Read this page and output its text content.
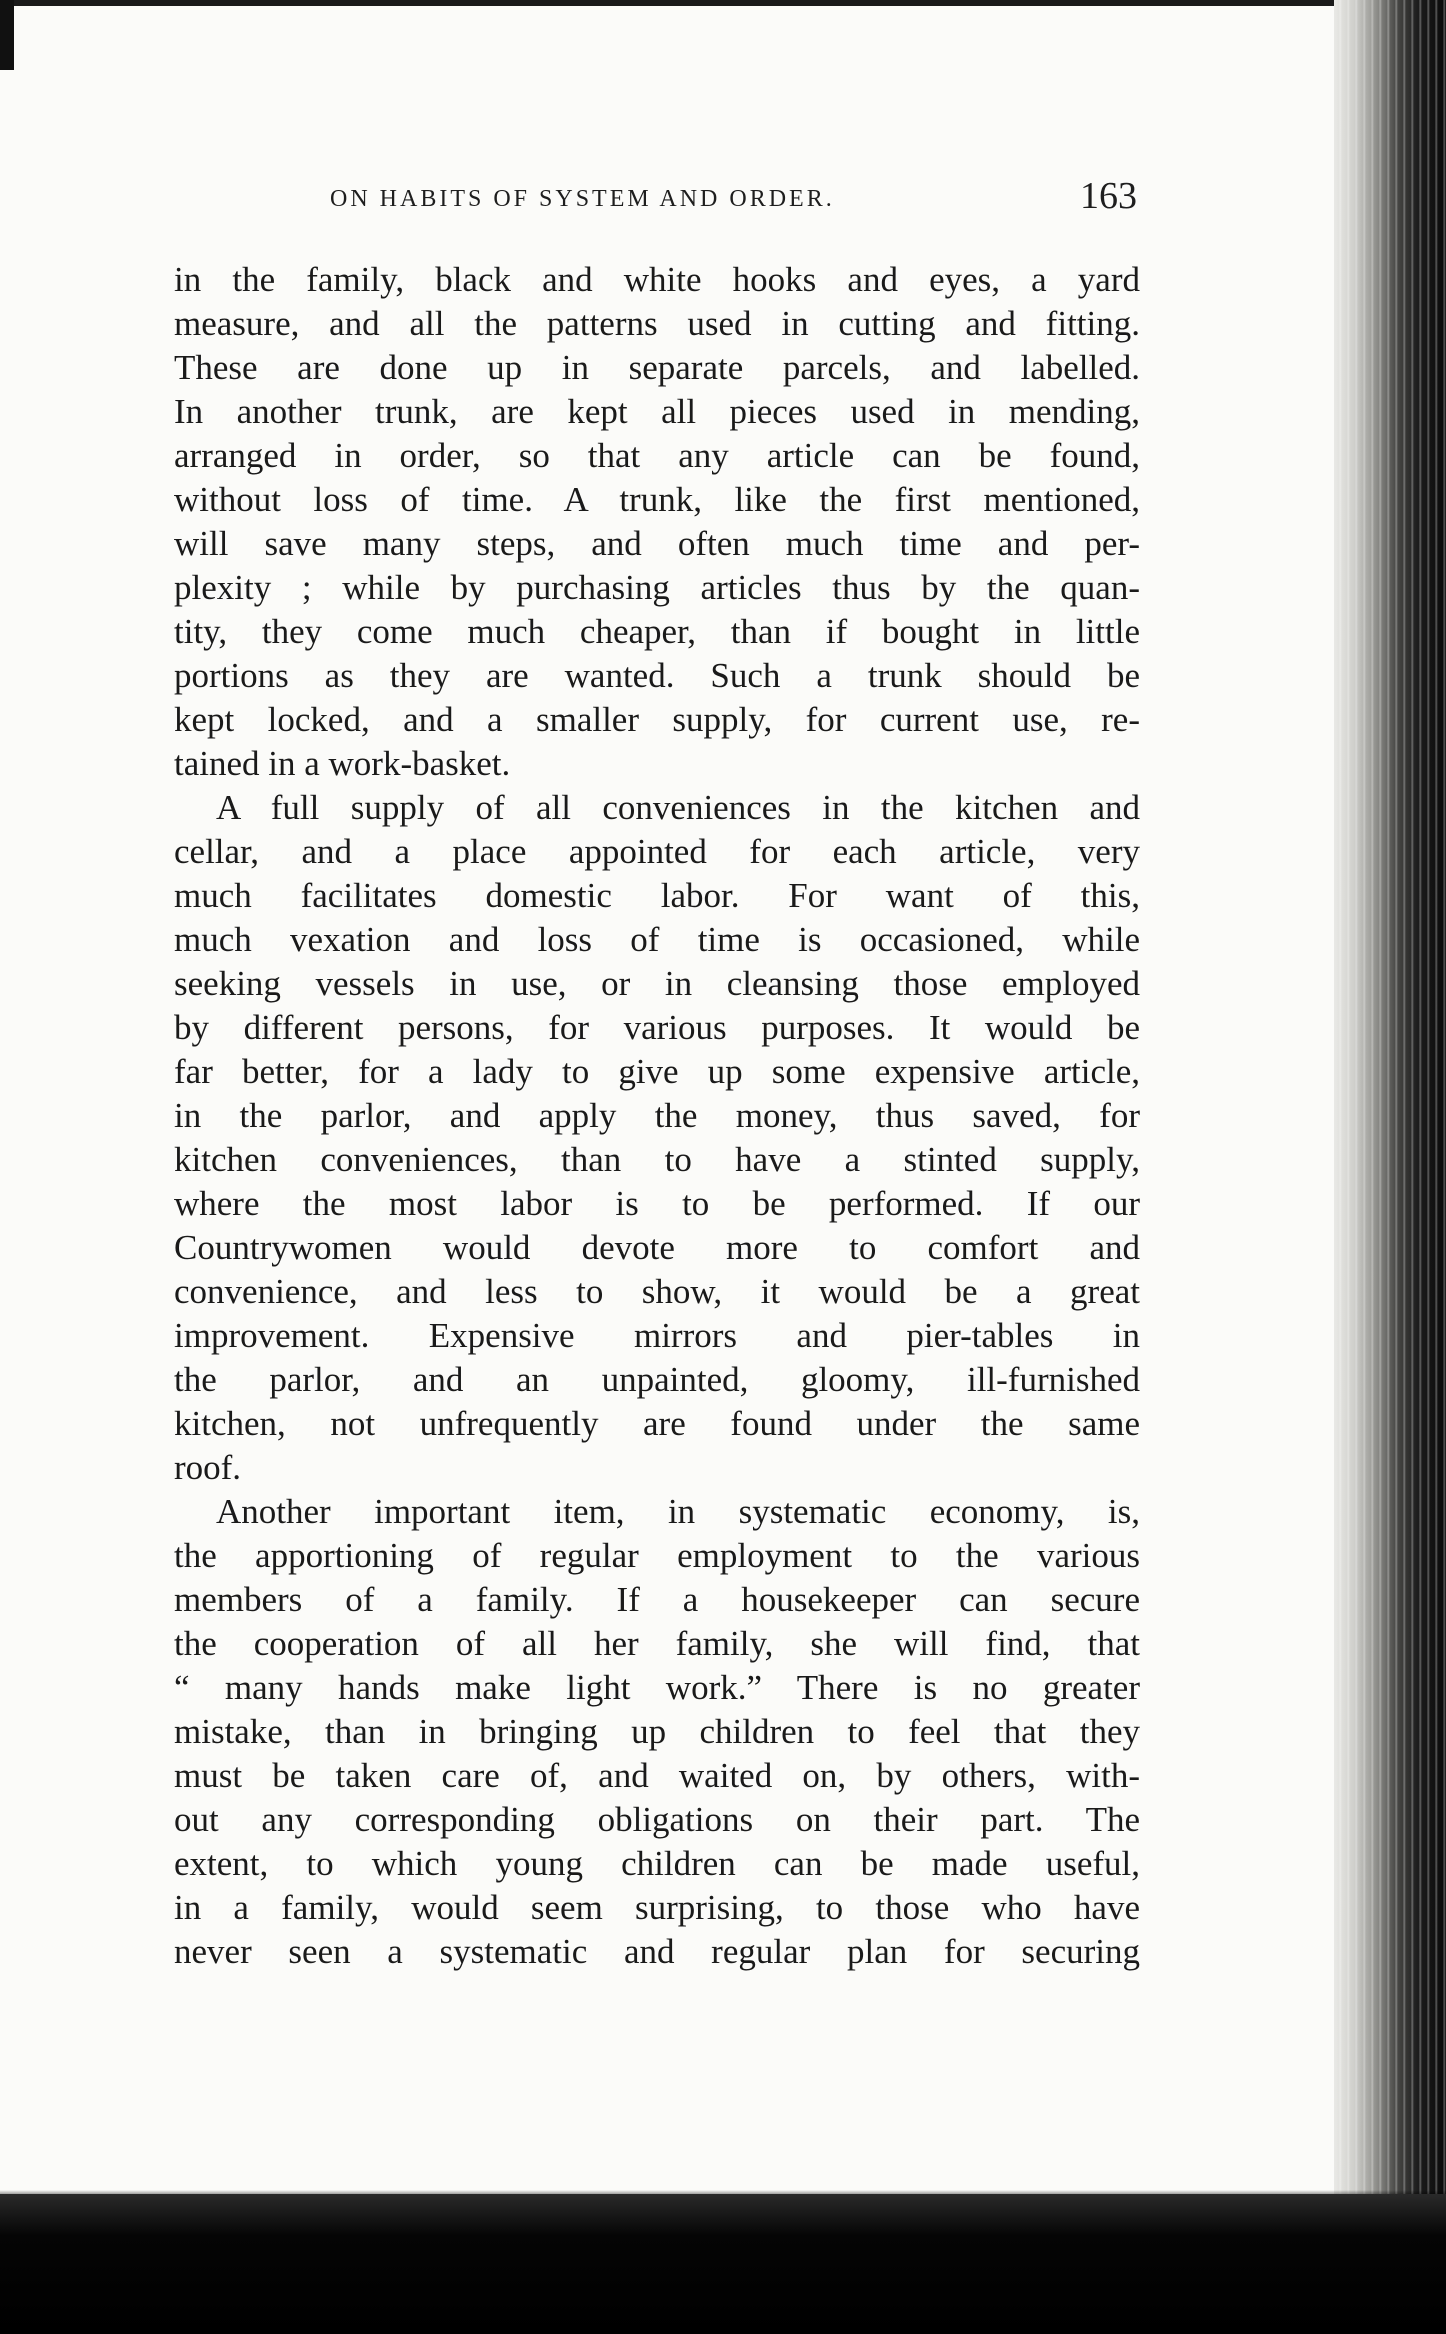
ON HABITS OF SYSTEM AND ORDER.	163
in the family, black and white hooks and eyes, a yard
measure, and all the patterns used in cutting and fitting.
These are done up in separate parcels, and labelled.
In another trunk, are kept all pieces used in mending,
arranged in order, so that any article can be found,
without loss of time. A trunk, like the first mentioned,
will save many steps, and often much time and per-
plexity ; while by purchasing articles thus by the quan-
tity, they come much cheaper, than if bought in little
portions as they are wanted. Such a trunk should be
kept locked, and a smaller supply, for current use, re-
tained in a work-basket.
A full supply of all conveniences in the kitchen and
cellar, and a place appointed for each article, very
much facilitates domestic labor. For want of this,
much vexation and loss of time is occasioned, while
seeking vessels in use, or in cleansing those employed
by different persons, for various purposes. It would be
far better, for a lady to give up some expensive article,
in the parlor, and apply the money, thus saved, for
kitchen conveniences, than to have a stinted supply,
where the most labor is to be performed. If our
Countrywomen would devote more to comfort and
convenience, and less to show, it would be a great
improvement. Expensive mirrors and pier-tables in
the parlor, and an unpainted, gloomy, ill-furnished
kitchen, not unfrequently are found under the same
roof.
Another important item, in systematic economy, is,
the apportioning of regular employment to the various
members of a family. If a housekeeper can secure
the cooperation of all her family, she will find, that
“ many hands make light work.” There is no greater
mistake, than in bringing up children to feel that they
must be taken care of, and waited on, by others, with-
out any corresponding obligations on their part. The
extent, to which young children can be made useful,
in a family, would seem surprising, to those who have
never seen a systematic and regular plan for securing
